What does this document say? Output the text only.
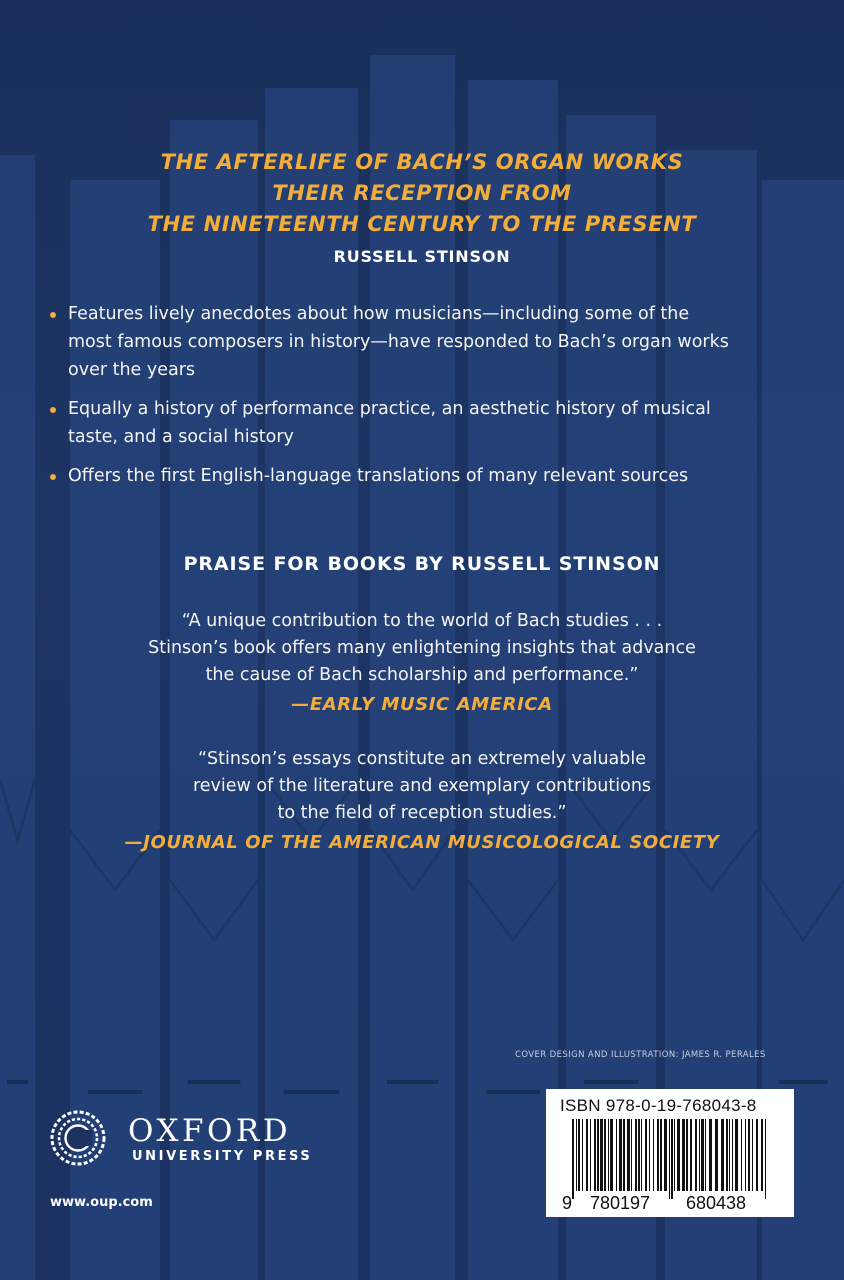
THE AFTERLIFE OF BACH’S ORGAN WORKS
THEIR RECEPTION FROM
THE NINETEENTH CENTURY TO THE PRESENT
RUSSELL STINSON
Features lively anecdotes about how musicians—including some of the
most famous composers in history—have responded to Bach’s organ works
over the years
Equally a history of performance practice, an aesthetic history of musical
taste, and a social history
Offers the first English-language translations of many relevant sources
PRAISE FOR BOOKS BY RUSSELL STINSON
“A unique contribution to the world of Bach studies . . .
Stinson’s book offers many enlightening insights that advance
the cause of Bach scholarship and performance.”
—EARLY MUSIC AMERICA
“Stinson’s essays constitute an extremely valuable
review of the literature and exemplary contributions
to the field of reception studies.”
—JOURNAL OF THE AMERICAN MUSICOLOGICAL SOCIETY
COVER DESIGN AND ILLUSTRATION: JAMES R. PERALES
OXFORD
UNIVERSITY PRESS
www.oup.com
ISBN 978-0-19-768043-8
9 780197 680438
